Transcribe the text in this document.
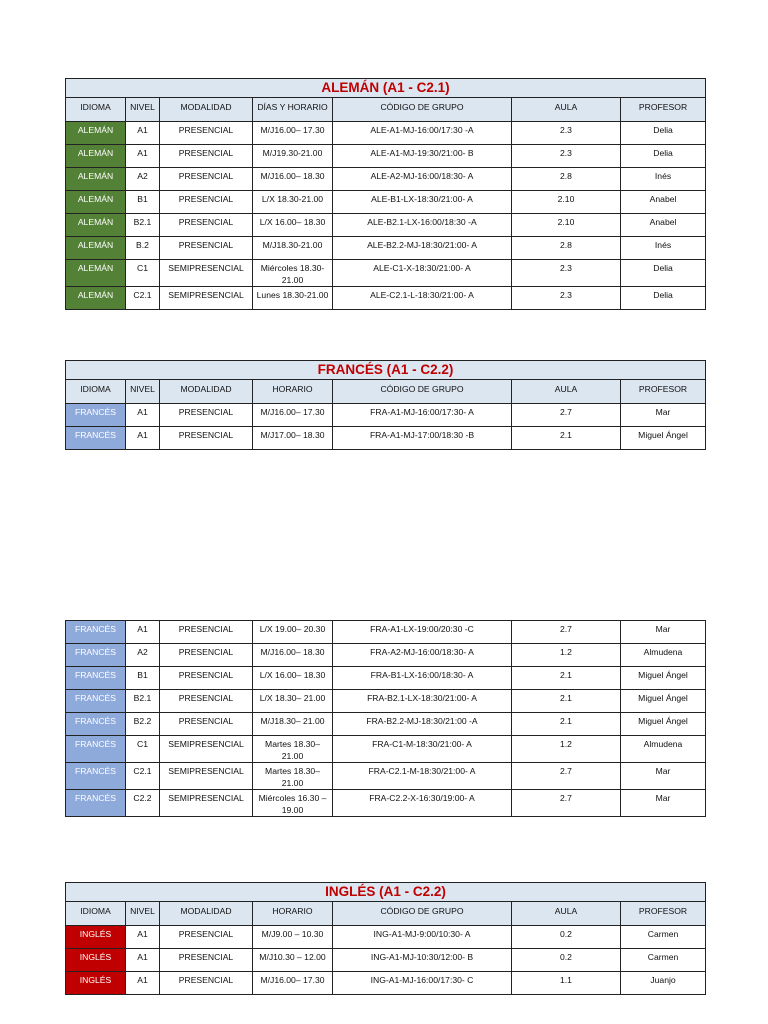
ALEMÁN (A1 - C2.1)						
IDIOMA	NIVEL	MODALIDAD	DÍAS Y HORARIO	CÓDIGO DE GRUPO	AULA	PROFESOR
ALEMÁN	A1	PRESENCIAL	M/J16.00– 17.30	ALE-A1-MJ-16:00/17:30 -A	2.3	Delia
ALEMÁN	A1	PRESENCIAL	M/J19.30-21.00	ALE-A1-MJ-19:30/21:00- B	2.3	Delia
ALEMÁN	A2	PRESENCIAL	M/J16.00– 18.30	ALE-A2-MJ-16:00/18:30- A	2.8	Inés
ALEMÁN	B1	PRESENCIAL	L/X 18.30-21.00	ALE-B1-LX-18:30/21:00- A	2.10	Anabel
ALEMÁN	B2.1	PRESENCIAL	L/X 16.00– 18.30	ALE-B2.1-LX-16:00/18:30 -A	2.10	Anabel
ALEMÁN	B.2	PRESENCIAL	M/J18.30-21.00	ALE-B2.2-MJ-18:30/21:00- A	2.8	Inés
ALEMÁN	C1	SEMIPRESENCIAL	Miércoles 18.30-21.00	ALE-C1-X-18:30/21:00- A	2.3	Delia
ALEMÁN	C2.1	SEMIPRESENCIAL	Lunes 18.30-21.00	ALE-C2.1-L-18:30/21:00- A	2.3	Delia
FRANCÉS (A1 - C2.2)						
IDIOMA	NIVEL	MODALIDAD	HORARIO	CÓDIGO DE GRUPO	AULA	PROFESOR
FRANCÉS	A1	PRESENCIAL	M/J16.00– 17.30	FRA-A1-MJ-16:00/17:30- A	2.7	Mar
FRANCÉS	A1	PRESENCIAL	M/J17.00– 18.30	FRA-A1-MJ-17:00/18:30 -B	2.1	Miguel Ángel
FRANCÉS	A1	PRESENCIAL	L/X 19.00– 20.30	FRA-A1-LX-19:00/20:30 -C	2.7	Mar
FRANCÉS	A2	PRESENCIAL	M/J16.00– 18.30	FRA-A2-MJ-16:00/18:30- A	1.2	Almudena
FRANCÉS	B1	PRESENCIAL	L/X 16.00– 18.30	FRA-B1-LX-16:00/18:30- A	2.1	Miguel Ángel
FRANCÉS	B2.1	PRESENCIAL	L/X 18.30– 21.00	FRA-B2.1-LX-18:30/21:00- A	2.1	Miguel Ángel
FRANCÉS	B2.2	PRESENCIAL	M/J18.30– 21.00	FRA-B2.2-MJ-18:30/21:00 -A	2.1	Miguel Ángel
FRANCÉS	C1	SEMIPRESENCIAL	Martes 18.30– 21.00	FRA-C1-M-18:30/21:00- A	1.2	Almudena
FRANCÉS	C2.1	SEMIPRESENCIAL	Martes 18.30– 21.00	FRA-C2.1-M-18:30/21:00- A	2.7	Mar
FRANCÉS	C2.2	SEMIPRESENCIAL	Miércoles 16.30 – 19.00	FRA-C2.2-X-16:30/19:00- A	2.7	Mar
INGLÉS (A1 - C2.2)						
IDIOMA	NIVEL	MODALIDAD	HORARIO	CÓDIGO DE GRUPO	AULA	PROFESOR
INGLÉS	A1	PRESENCIAL	M/J9.00 – 10.30	ING-A1-MJ-9:00/10:30- A	0.2	Carmen
INGLÉS	A1	PRESENCIAL	M/J10.30 – 12.00	ING-A1-MJ-10:30/12:00- B	0.2	Carmen
INGLÉS	A1	PRESENCIAL	M/J16.00– 17.30	ING-A1-MJ-16:00/17:30- C	1.1	Juanjo
